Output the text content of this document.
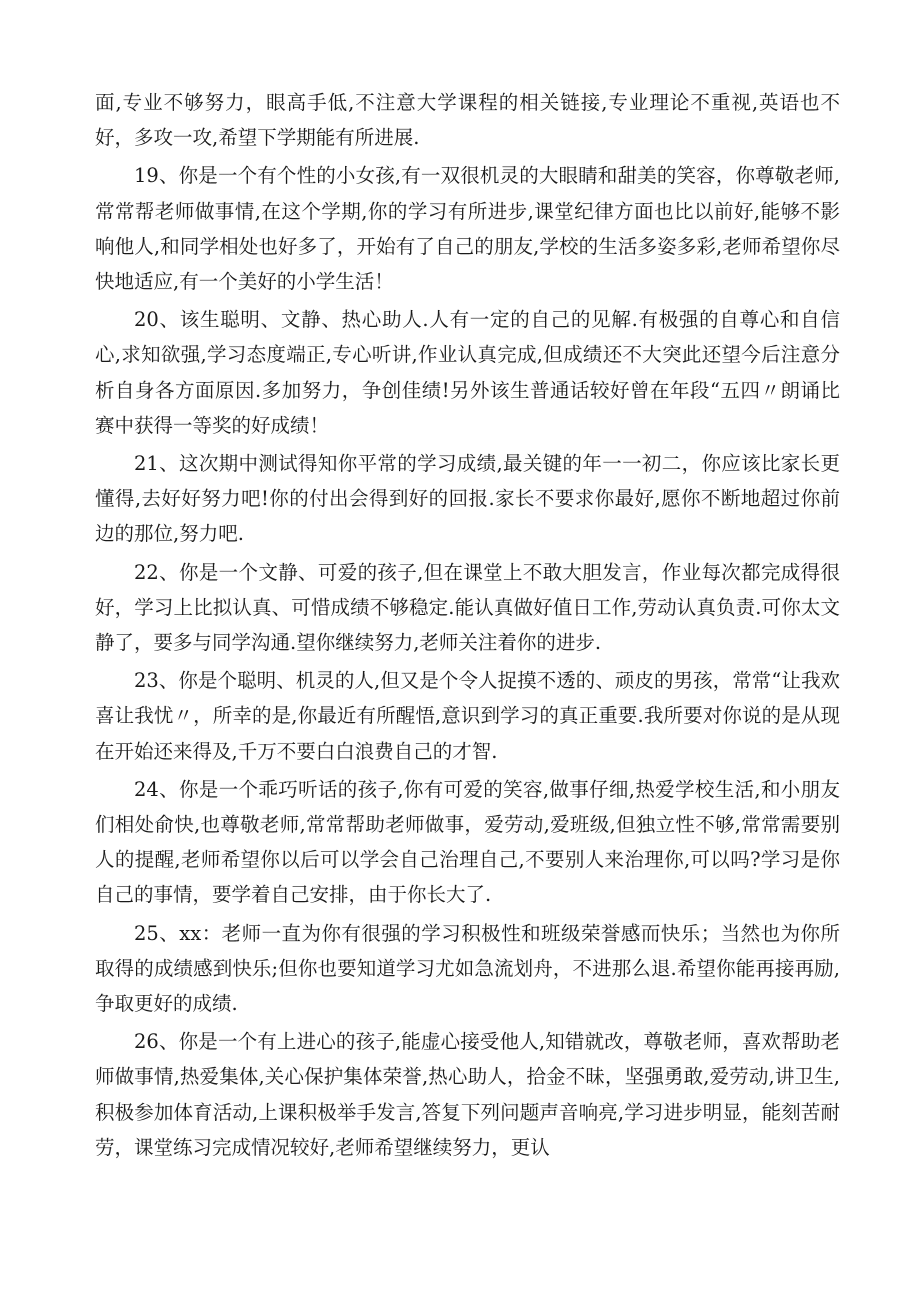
面,专业不够努力，眼高手低,不注意大学课程的相关链接,专业理论不重视,英语也不好，多攻一攻,希望下学期能有所进展.

19、你是一个有个性的小女孩,有一双很机灵的大眼睛和甜美的笑容，你尊敬老师,常常帮老师做事情,在这个学期,你的学习有所进步,课堂纪律方面也比以前好,能够不影响他人,和同学相处也好多了，开始有了自己的朋友,学校的生活多姿多彩,老师希望你尽快地适应,有一个美好的小学生活！

20、该生聪明、文静、热心助人.人有一定的自己的见解.有极强的自尊心和自信心,求知欲强,学习态度端正,专心听讲,作业认真完成,但成绩还不大突此还望今后注意分析自身各方面原因.多加努力，争创佳绩!另外该生普通话较好曾在年段“五四〃朗诵比赛中获得一等奖的好成绩！

21、这次期中测试得知你平常的学习成绩,最关键的年一一初二，你应该比家长更懂得,去好好努力吧!你的付出会得到好的回报.家长不要求你最好,愿你不断地超过你前边的那位,努力吧.

22、你是一个文静、可爱的孩子,但在课堂上不敢大胆发言，作业每次都完成得很好，学习上比拟认真、可惜成绩不够稳定.能认真做好值日工作,劳动认真负责.可你太文静了，要多与同学沟通.望你继续努力,老师关注着你的进步.

23、你是个聪明、机灵的人,但又是个令人捉摸不透的、顽皮的男孩，常常“让我欢喜让我忧〃，所幸的是,你最近有所醒悟,意识到学习的真正重要.我所要对你说的是从现在开始还来得及,千万不要白白浪费自己的才智.

24、你是一个乖巧听话的孩子,你有可爱的笑容,做事仔细,热爱学校生活,和小朋友们相处俞快,也尊敬老师,常常帮助老师做事，爱劳动,爱班级,但独立性不够,常常需要别人的提醒,老师希望你以后可以学会自己治理自己,不要别人来治理你,可以吗?学习是你自己的事情，要学着自己安排，由于你长大了.

25、xx：老师一直为你有很强的学习积极性和班级荣誉感而快乐；当然也为你所取得的成绩感到快乐;但你也要知道学习尤如急流划舟，不进那么退.希望你能再接再励,争取更好的成绩.

26、你是一个有上进心的孩子,能虚心接受他人,知错就改，尊敬老师，喜欢帮助老师做事情,热爱集体,关心保护集体荣誉,热心助人，拾金不昧，坚强勇敢,爱劳动,讲卫生,积极参加体育活动,上课积极举手发言,答复下列问题声音响亮,学习进步明显，能刻苦耐劳，课堂练习完成情况较好,老师希望继续努力，更认
